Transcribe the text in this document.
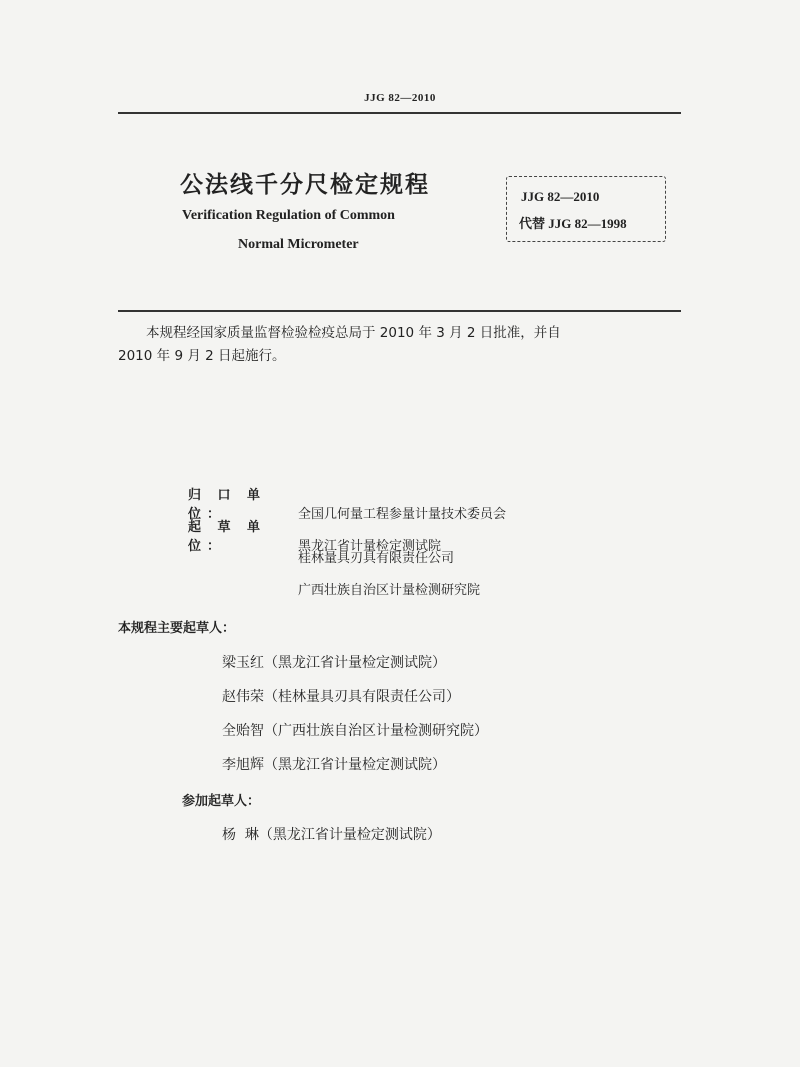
JJG 82—2010
公法线千分尺检定规程
Verification Regulation of Common
Normal Micrometer
JJG 82—2010
代替 JJG 82—1998

本规程经国家质量监督检验检疫总局于 2010 年 3 月 2 日批准，并自

2010 年 9 月 2 日起施行。
归 口 单 位：	全国几何量工程参量计量技术委员会
起 草 单 位：	黑龙江省计量检定测试院
桂林量具刃具有限责任公司
广西壮族自治区计量检测研究院
本规程主要起草人：
梁玉红（黑龙江省计量检定测试院）
赵伟荣（桂林量具刃具有限责任公司）
全贻智（广西壮族自治区计量检测研究院）
李旭辉（黑龙江省计量检定测试院）
参加起草人：
杨  琳（黑龙江省计量检定测试院）
